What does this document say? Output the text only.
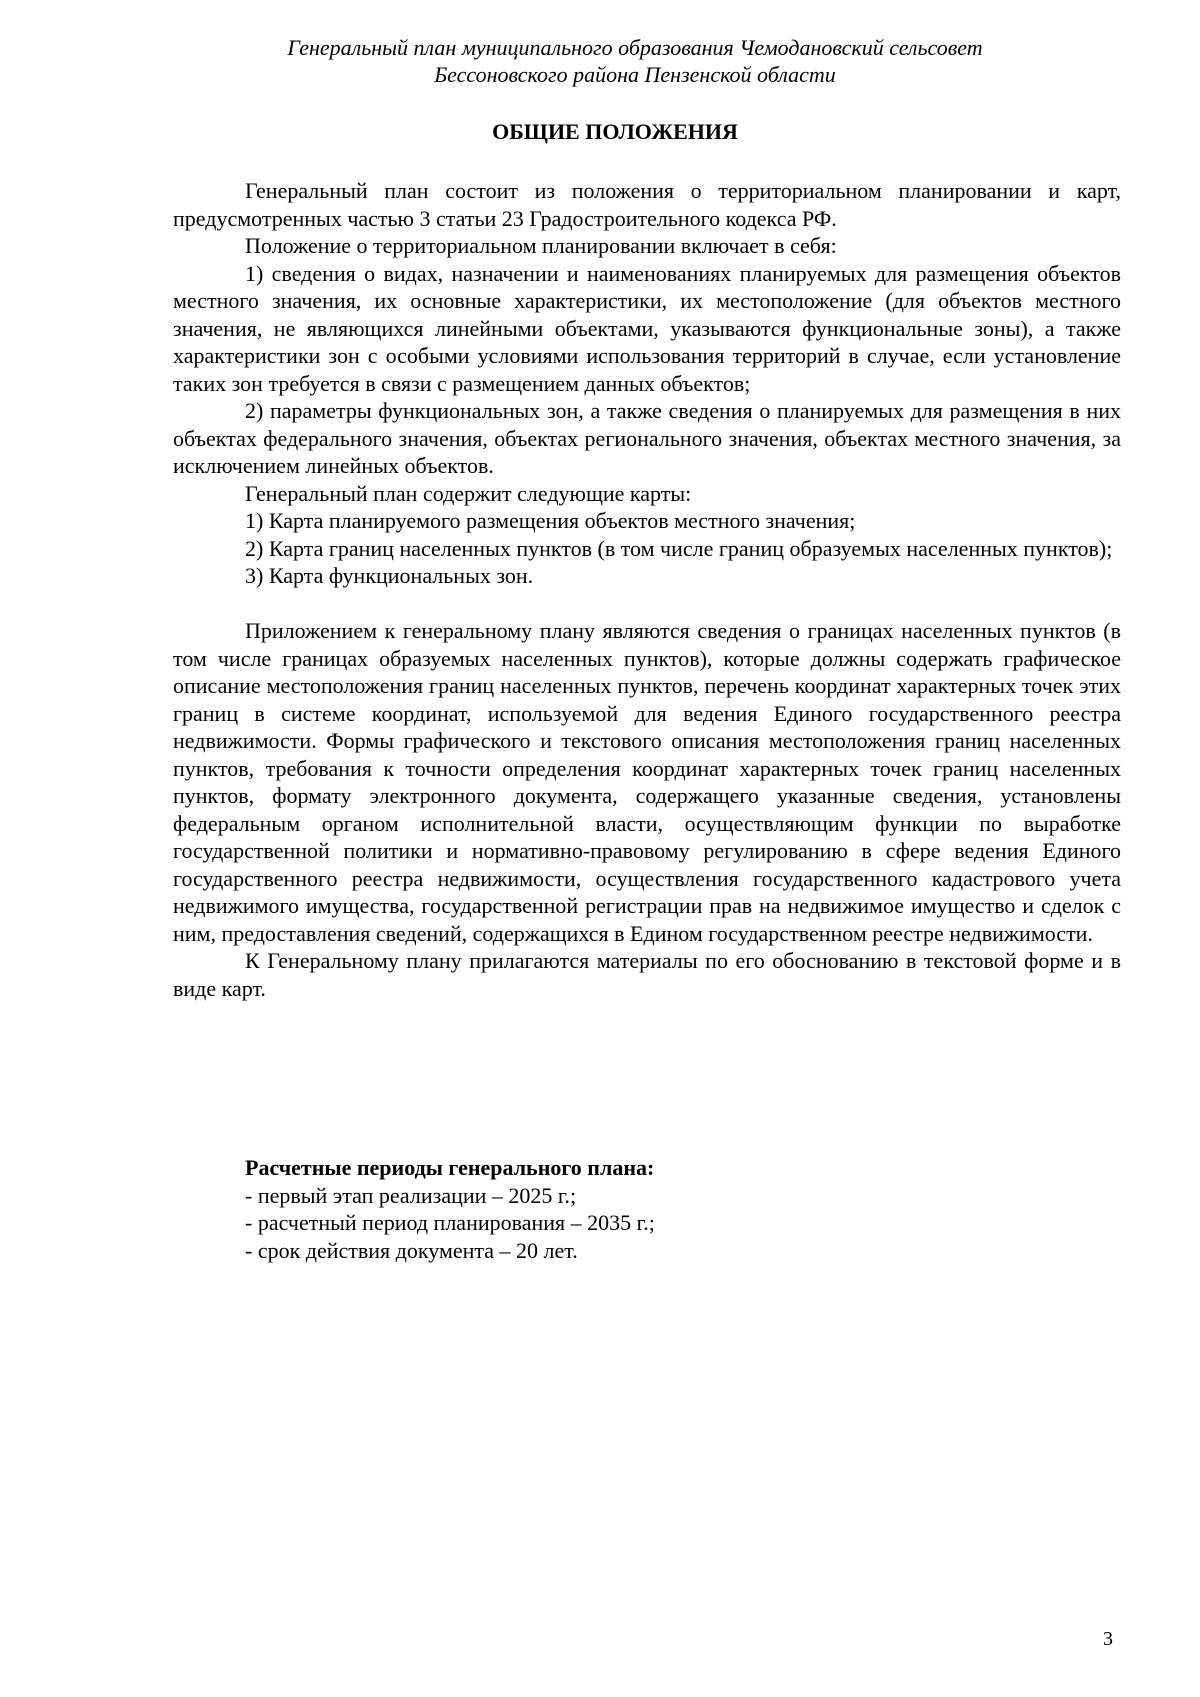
Генеральный план муниципального образования Чемодановский сельсовет
Бессоновского района Пензенской области
ОБЩИЕ ПОЛОЖЕНИЯ

Генеральный план состоит из положения о территориальном планировании и карт, предусмотренных частью 3 статьи 23 Градостроительного кодекса РФ.

Положение о территориальном планировании включает в себя:

1) сведения о видах, назначении и наименованиях планируемых для размещения объектов местного значения, их основные характеристики, их местоположение (для объектов местного значения, не являющихся линейными объектами, указываются функциональные зоны), а также характеристики зон с особыми условиями использования территорий в случае, если установление таких зон требуется в связи с размещением данных объектов;

2) параметры функциональных зон, а также сведения о планируемых для размещения в них объектах федерального значения, объектах регионального значения, объектах местного значения, за исключением линейных объектов.

Генеральный план содержит следующие карты:

1) Карта планируемого размещения объектов местного значения;

2) Карта границ населенных пунктов (в том числе границ образуемых населенных пунктов);

3) Карта функциональных зон.

Приложением к генеральному плану являются сведения о границах населенных пунктов (в том числе границах образуемых населенных пунктов), которые должны содержать графическое описание местоположения границ населенных пунктов, перечень координат характерных точек этих границ в системе координат, используемой для ведения Единого государственного реестра недвижимости. Формы графического и текстового описания местоположения границ населенных пунктов, требования к точности определения координат характерных точек границ населенных пунктов, формату электронного документа, содержащего указанные сведения, установлены федеральным органом исполнительной власти, осуществляющим функции по выработке государственной политики и нормативно-правовому регулированию в сфере ведения Единого государственного реестра недвижимости, осуществления государственного кадастрового учета недвижимого имущества, государственной регистрации прав на недвижимое имущество и сделок с ним, предоставления сведений, содержащихся в Едином государственном реестре недвижимости.

К Генеральному плану прилагаются материалы по его обоснованию в текстовой форме и в виде карт.

Расчетные периоды генерального плана:

- первый этап реализации – 2025 г.;

- расчетный период планирования – 2035 г.;

- срок действия документа – 20 лет.

3
